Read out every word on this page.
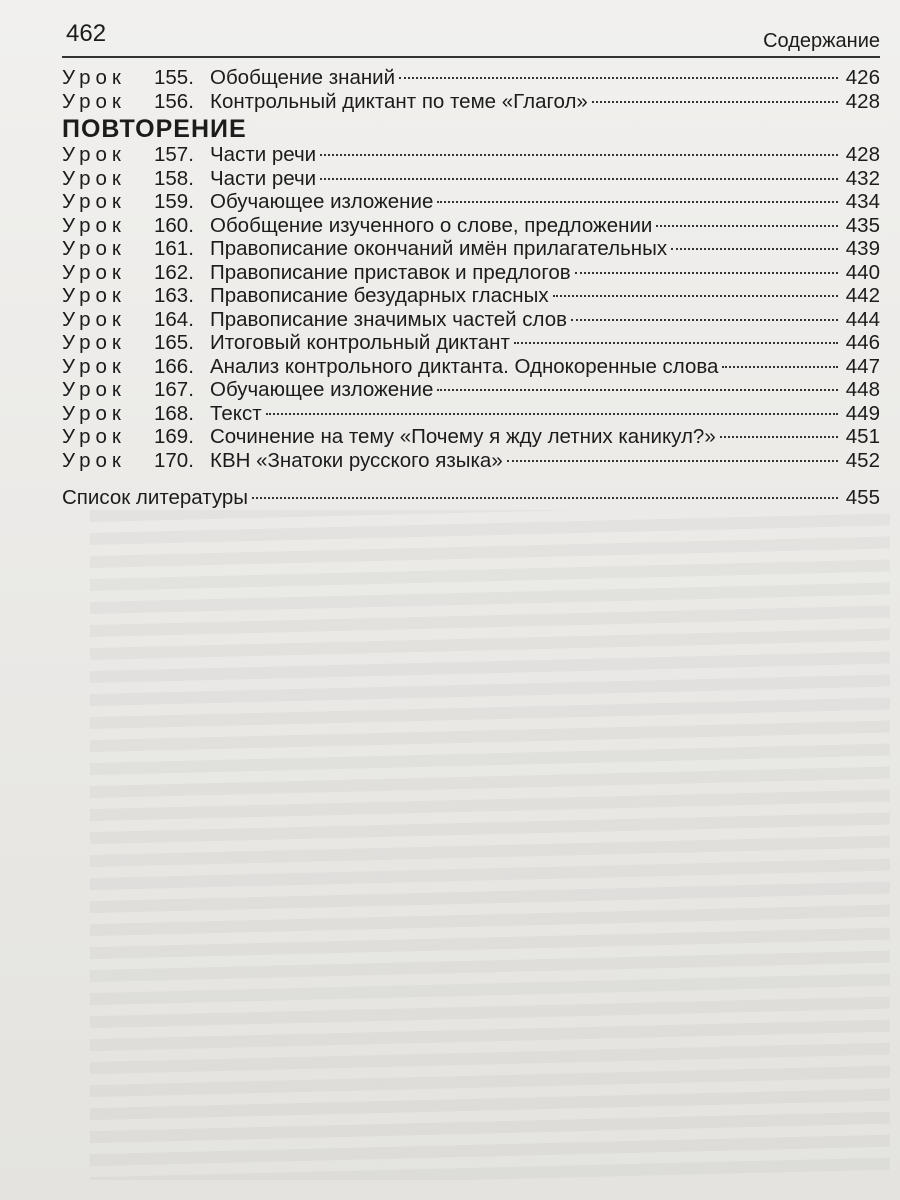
462	Содержание
Урок	155. Обобщение знаний	426
Урок	156. Контрольный диктант по теме «Глагол»	428
ПОВТОРЕНИЕ
Урок	157. Части речи	428
Урок	158. Части речи	432
Урок	159. Обучающее изложение	434
Урок	160. Обобщение изученного о слове, предложении	435
Урок	161. Правописание окончаний имён прилагательных	439
Урок	162. Правописание приставок и предлогов	440
Урок	163. Правописание безударных гласных	442
Урок	164. Правописание значимых частей слов	444
Урок	165. Итоговый контрольный диктант	446
Урок	166. Анализ контрольного диктанта. Однокоренные слова	447
Урок	167. Обучающее изложение	448
Урок	168. Текст	449
Урок	169. Сочинение на тему «Почему я жду летних каникул?»	451
Урок	170. КВН «Знатоки русского языка»	452
Список литературы	455
